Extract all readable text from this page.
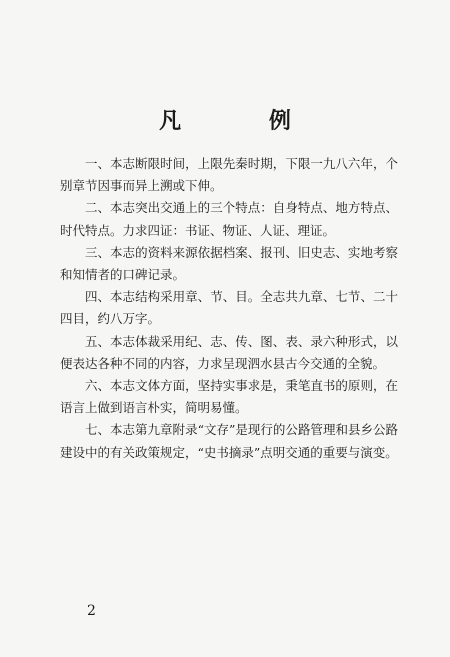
凡 例

一、本志断限时间，上限先秦时期，下限一九八六年，个别章节因事而异上溯或下伸。

二、本志突出交通上的三个特点：自身特点、地方特点、时代特点。力求四证：书证、物证、人证、理证。

三、本志的资料来源依据档案、报刊、旧史志、实地考察和知情者的口碑记录。

四、本志结构采用章、节、目。全志共九章、七节、二十四目，约八万字。

五、本志体裁采用纪、志、传、图、表、录六种形式，以便表达各种不同的内容，力求呈现泗水县古今交通的全貌。

六、本志文体方面，坚持实事求是，秉笔直书的原则，在语言上做到语言朴实，简明易懂。

七、本志第九章附录“文存”是现行的公路管理和县乡公路建设中的有关政策规定，“史书摘录”点明交通的重要与演变。

2
